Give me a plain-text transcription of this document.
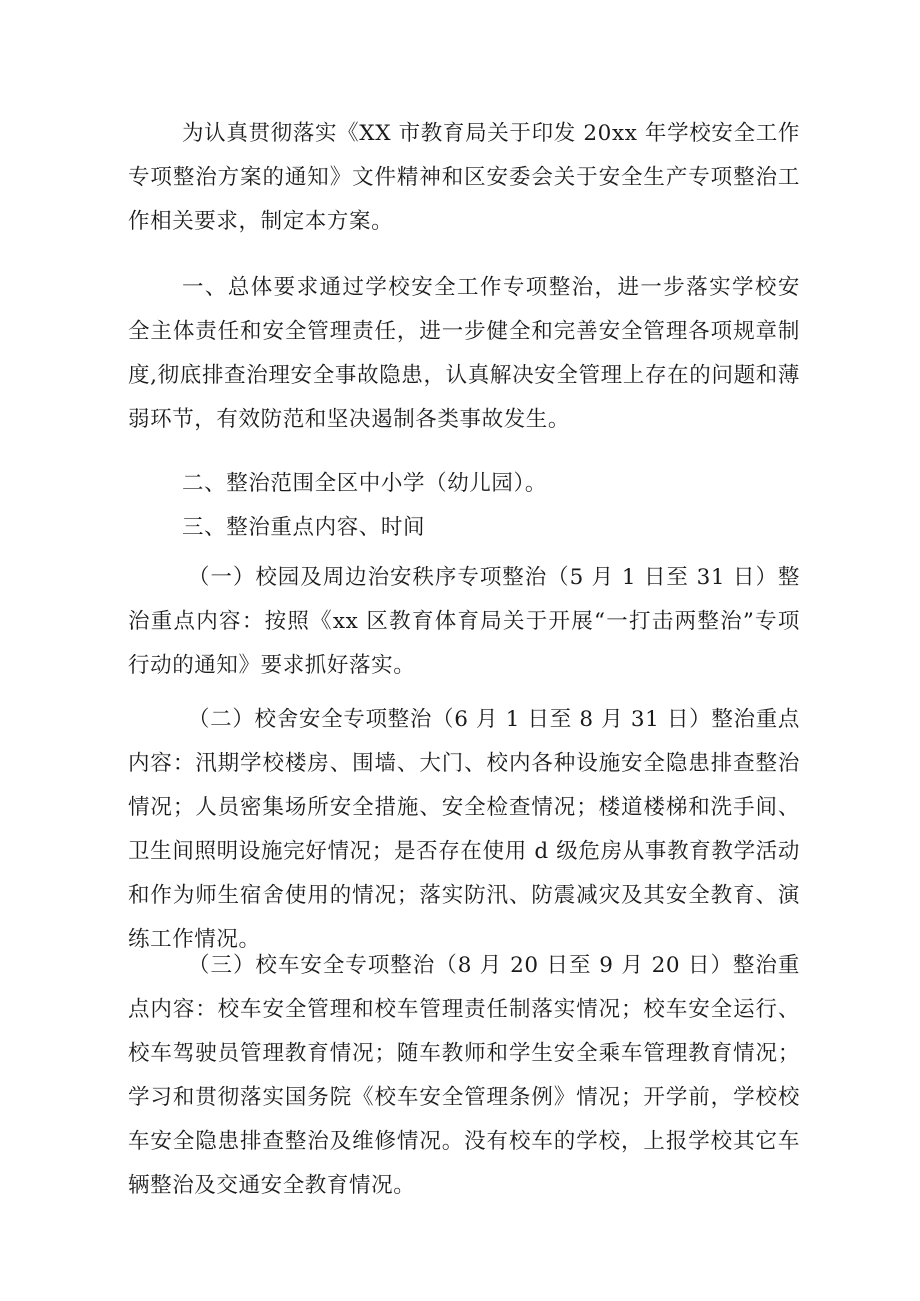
为认真贯彻落实《XX 市教育局关于印发 20xx 年学校安全工作专项整治方案的通知》文件精神和区安委会关于安全生产专项整治工作相关要求，制定本方案。

一、总体要求通过学校安全工作专项整治，进一步落实学校安全主体责任和安全管理责任，进一步健全和完善安全管理各项规章制度,彻底排查治理安全事故隐患，认真解决安全管理上存在的问题和薄弱环节，有效防范和坚决遏制各类事故发生。

二、整治范围全区中小学（幼儿园）。

三、整治重点内容、时间

（一）校园及周边治安秩序专项整治（5 月 1 日至 31 日）整治重点内容：按照《xx 区教育体育局关于开展“一打击两整治”专项行动的通知》要求抓好落实。

（二）校舍安全专项整治（6 月 1 日至 8 月 31 日）整治重点内容：汛期学校楼房、围墙、大门、校内各种设施安全隐患排查整治情况；人员密集场所安全措施、安全检查情况；楼道楼梯和洗手间、卫生间照明设施完好情况；是否存在使用 d 级危房从事教育教学活动和作为师生宿舍使用的情况；落实防汛、防震减灾及其安全教育、演练工作情况。

（三）校车安全专项整治（8 月 20 日至 9 月 20 日）整治重点内容：校车安全管理和校车管理责任制落实情况；校车安全运行、校车驾驶员管理教育情况；随车教师和学生安全乘车管理教育情况；学习和贯彻落实国务院《校车安全管理条例》情况；开学前，学校校车安全隐患排查整治及维修情况。没有校车的学校，上报学校其它车辆整治及交通安全教育情况。
